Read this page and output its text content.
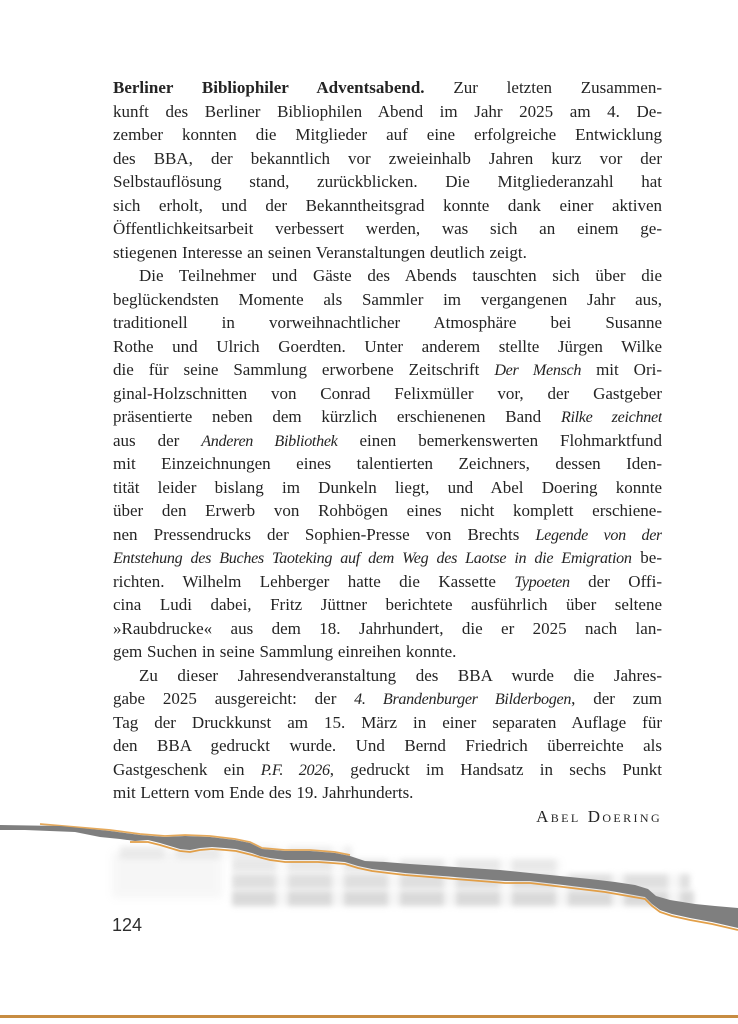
Berliner Bibliophiler Adventsabend. Zur letzten Zusammen-
kunft des Berliner Bibliophilen Abend im Jahr 2025 am 4. De-
zember konnten die Mitglieder auf eine erfolgreiche Entwicklung
des BBA, der bekanntlich vor zweieinhalb Jahren kurz vor der
Selbstauflösung stand, zurückblicken. Die Mitgliederanzahl hat
sich erholt, und der Bekanntheitsgrad konnte dank einer aktiven
Öffentlichkeitsarbeit verbessert werden, was sich an einem ge-
stiegenen Interesse an seinen Veranstaltungen deutlich zeigt.
Die Teilnehmer und Gäste des Abends tauschten sich über die
beglückendsten Momente als Sammler im vergangenen Jahr aus,
traditionell in vorweihnachtlicher Atmosphäre bei Susanne
Rothe und Ulrich Goerdten. Unter anderem stellte Jürgen Wilke
die für seine Sammlung erworbene Zeitschrift Der Mensch mit Ori-
ginal-Holzschnitten von Conrad Felixmüller vor, der Gastgeber
präsentierte neben dem kürzlich erschienenen Band Rilke zeichnet
aus der Anderen Bibliothek einen bemerkenswerten Flohmarktfund
mit Einzeichnungen eines talentierten Zeichners, dessen Iden-
tität leider bislang im Dunkeln liegt, und Abel Doering konnte
über den Erwerb von Rohbögen eines nicht komplett erschiene-
nen Pressendrucks der Sophien-Presse von Brechts Legende von der
Entstehung des Buches Taoteking auf dem Weg des Laotse in die Emigration be-
richten. Wilhelm Lehberger hatte die Kassette Typoeten der Offi-
cina Ludi dabei, Fritz Jüttner berichtete ausführlich über seltene
»Raubdrucke« aus dem 18. Jahrhundert, die er 2025 nach lan-
gem Suchen in seine Sammlung einreihen konnte.
Zu dieser Jahresendveranstaltung des BBA wurde die Jahres-
gabe 2025 ausgereicht: der 4. Brandenburger Bilderbogen, der zum
Tag der Druckkunst am 15. März in einer separaten Auflage für
den BBA gedruckt wurde. Und Bernd Friedrich überreichte als
Gastgeschenk ein P.F. 2026, gedruckt im Handsatz in sechs Punkt
mit Lettern vom Ende des 19. Jahrhunderts.
Abel Doering
124
